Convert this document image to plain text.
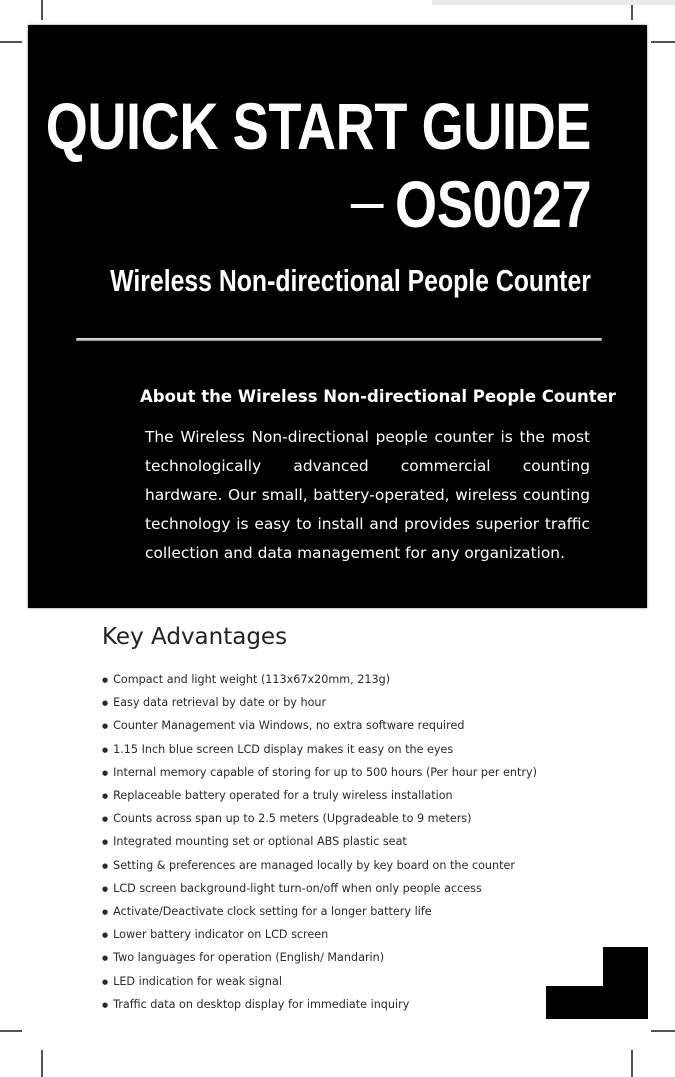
QUICK START GUIDE
OS0027
Wireless Non-directional People Counter
About the Wireless Non-directional People Counter

The Wireless Non-directional people counter is the most technologically advanced commercial counting hardware. Our small, battery-operated, wireless counting technology is easy to install and provides superior traffic collection and data management for any organization.

Key Advantages
● Compact and light weight (113x67x20mm, 213g)
● Easy data retrieval by date or by hour
● Counter Management via Windows, no extra software required
● 1.15 Inch blue screen LCD display makes it easy on the eyes
● Internal memory capable of storing for up to 500 hours (Per hour per entry)
● Replaceable battery operated for a truly wireless installation
● Counts across span up to 2.5 meters (Upgradeable to 9 meters)
● Integrated mounting set or optional ABS plastic seat
● Setting & preferences are managed locally by key board on the counter
● LCD screen background-light turn-on/off when only people access
● Activate/Deactivate clock setting for a longer battery life
● Lower battery indicator on LCD screen
● Two languages for operation (English/ Mandarin)
● LED indication for weak signal
● Traffic data on desktop display for immediate inquiry
